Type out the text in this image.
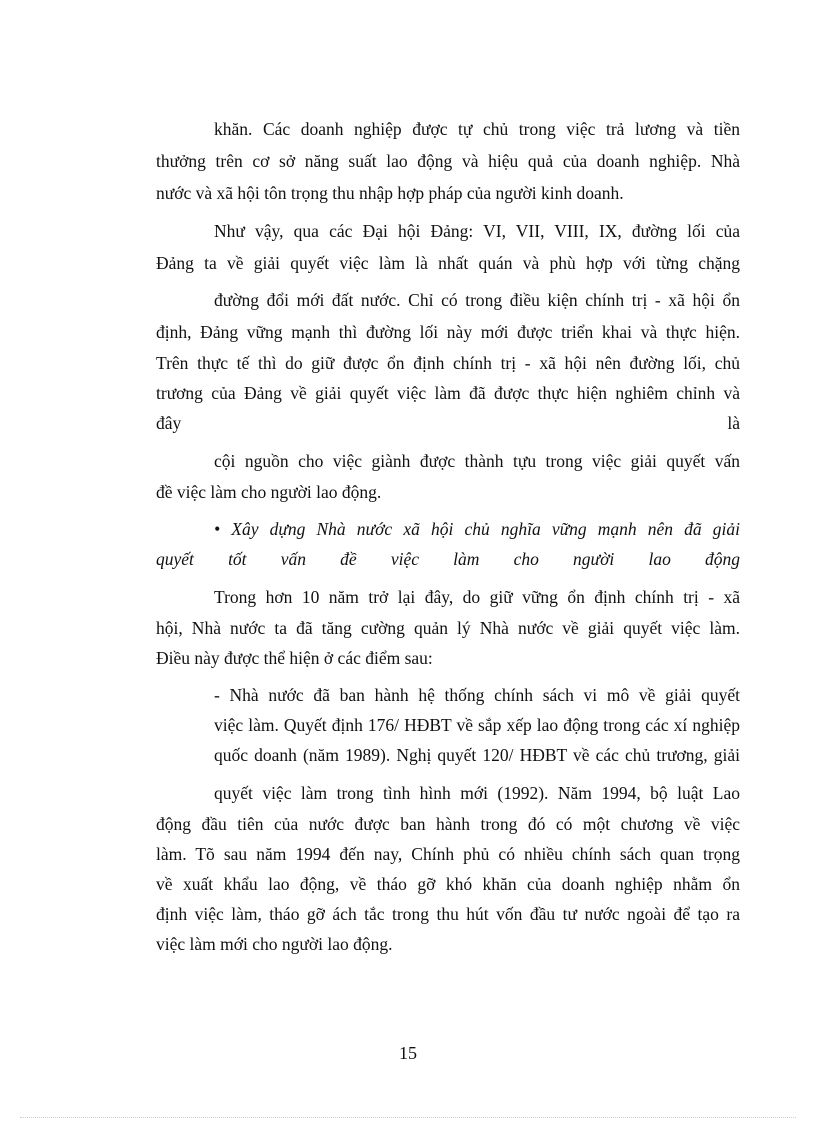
khăn. Các doanh nghiệp được tự chủ trong việc trả lương và tiền
thưởng trên cơ sở năng suất lao động và hiệu quả của doanh nghiệp. Nhà
nước và xã hội tôn trọng thu nhập hợp pháp của người kinh doanh.
Như vậy, qua các Đại hội Đảng: VI, VII, VIII, IX, đường lối của
Đảng ta về giải quyết việc làm là nhất quán và phù hợp với từng chặng
đường đổi mới đất nước. Chỉ có trong điều kiện chính trị - xã hội ổn
định, Đảng vững mạnh thì đường lối này mới được triển khai và thực hiện.
Trên thực tế thì do giữ được ổn định chính trị - xã hội nên đường lối, chủ
trương của Đảng về giải quyết việc làm đã được thực hiện nghiêm chỉnh và
đây là
cội nguồn cho việc giành được thành tựu trong việc giải quyết vấn
đề việc làm cho người lao động.
• Xây dựng Nhà nước xã hội chủ nghĩa vững mạnh nên đã giải
quyết tốt vấn đề việc làm cho người lao động
Trong hơn 10 năm trở lại đây, do giữ vững ổn định chính trị - xã
hội, Nhà nước ta đã tăng cường quản lý Nhà nước về giải quyết việc làm.
Điều này được thể hiện ở các điểm sau:
- Nhà nước đã ban hành hệ thống chính sách vi mô về giải quyết
việc làm. Quyết định 176/ HĐBT về sắp xếp lao động trong các xí nghiệp
quốc doanh (năm 1989). Nghị quyết 120/ HĐBT về các chủ trương, giải
quyết việc làm trong tình hình mới (1992). Năm 1994, bộ luật Lao
động đầu tiên của nước được ban hành trong đó có một chương về việc
làm. Tõ sau năm 1994 đến nay, Chính phủ có nhiều chính sách quan trọng
về xuất khẩu lao động, về tháo gỡ khó khăn của doanh nghiệp nhằm ổn
định việc làm, tháo gỡ ách tắc trong thu hút vốn đầu tư nước ngoài để tạo ra
việc làm mới cho người lao động.
15
